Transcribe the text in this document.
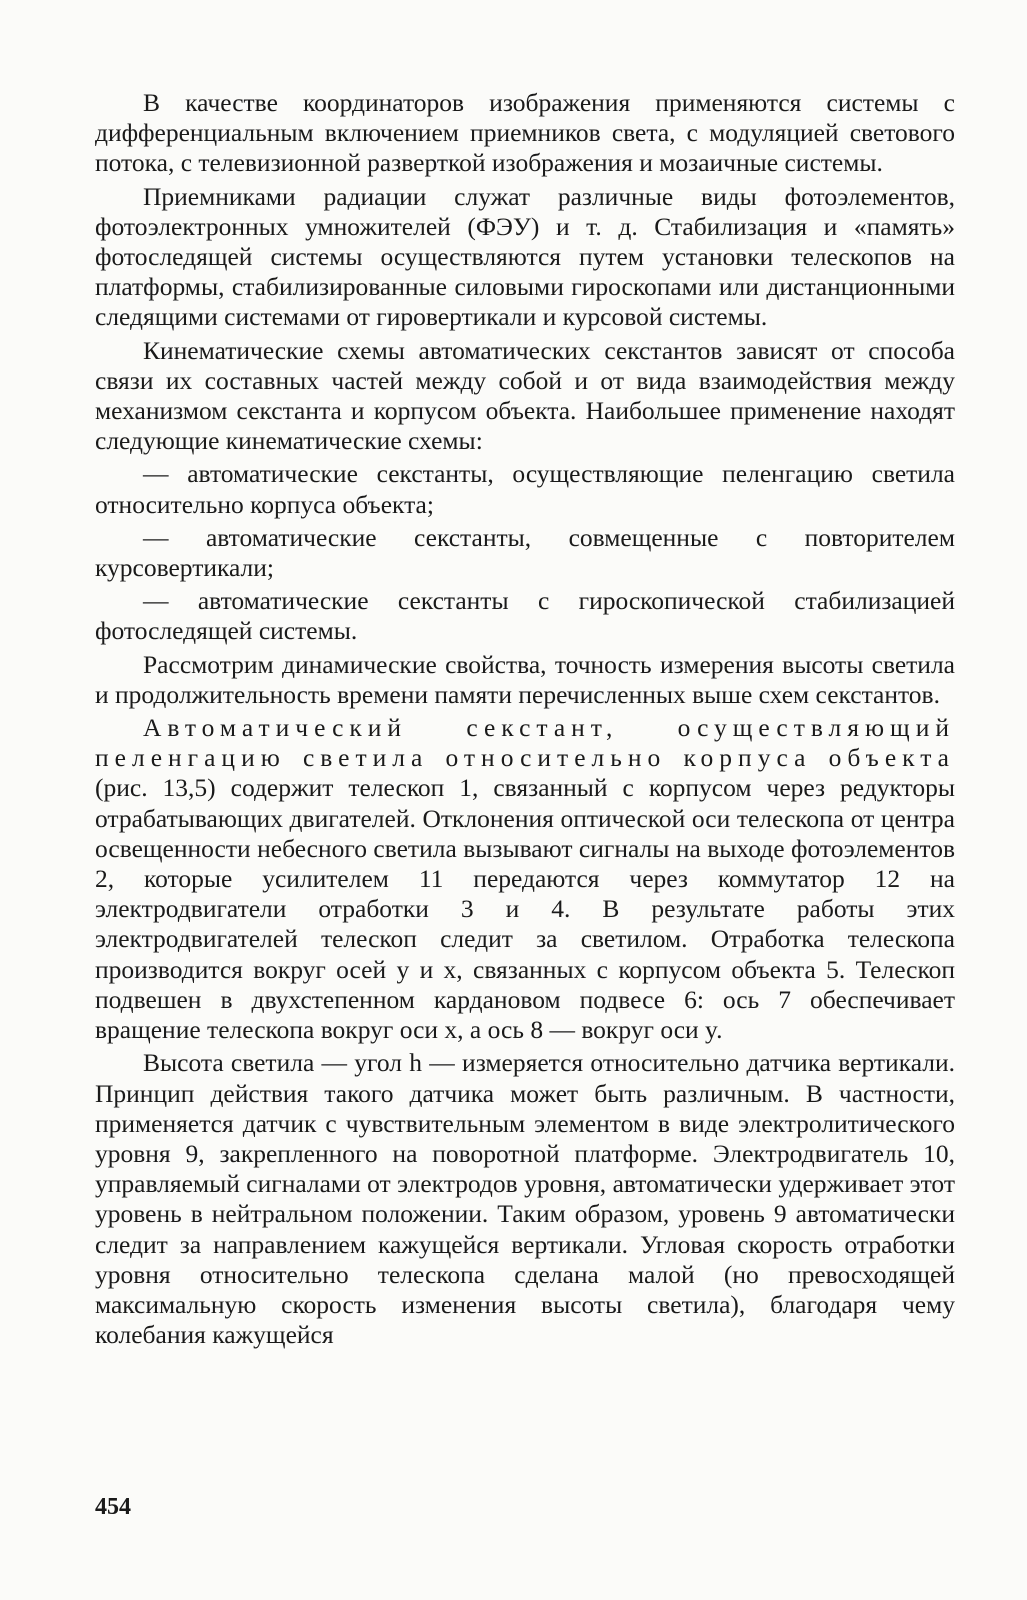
В качестве координаторов изображения применяются системы с дифференциальным включением приемников света, с модуляцией светового потока, с телевизионной разверткой изображения и мозаичные системы.

Приемниками радиации служат различные виды фотоэлементов, фотоэлектронных умножителей (ФЭУ) и т. д. Стабилизация и «память» фотоследящей системы осуществляются путем установки телескопов на платформы, стабилизированные силовыми гироскопами или дистанционными следящими системами от гировертикали и курсовой системы.

Кинематические схемы автоматических секстантов зависят от способа связи их составных частей между собой и от вида взаимодействия между механизмом секстанта и корпусом объекта. Наибольшее применение находят следующие кинематические схемы:

— автоматические секстанты, осуществляющие пеленгацию светила относительно корпуса объекта;

— автоматические секстанты, совмещенные с повторителем курсовертикали;

— автоматические секстанты с гироскопической стабилизацией фотоследящей системы.

Рассмотрим динамические свойства, точность измерения высоты светила и продолжительность времени памяти перечисленных выше схем секстантов.

Автоматический секстант, осуществляющий пеленгацию светила относительно корпуса объекта (рис. 13,5) содержит телескоп 1, связанный с корпусом через редукторы отрабатывающих двигателей. Отклонения оптической оси телескопа от центра освещенности небесного светила вызывают сигналы на выходе фотоэлементов 2, которые усилителем 11 передаются через коммутатор 12 на электродвигатели отработки 3 и 4. В результате работы этих электродвигателей телескоп следит за светилом. Отработка телескопа производится вокруг осей y и x, связанных с корпусом объекта 5. Телескоп подвешен в двухстепенном кардановом подвесе 6: ось 7 обеспечивает вращение телескопа вокруг оси x, а ось 8 — вокруг оси y.

Высота светила — угол h — измеряется относительно датчика вертикали. Принцип действия такого датчика может быть различным. В частности, применяется датчик с чувствительным элементом в виде электролитического уровня 9, закрепленного на поворотной платформе. Электродвигатель 10, управляемый сигналами от электродов уровня, автоматически удерживает этот уровень в нейтральном положении. Таким образом, уровень 9 автоматически следит за направлением кажущейся вертикали. Угловая скорость отработки уровня относительно телескопа сделана малой (но превосходящей максимальную скорость изменения высоты светила), благодаря чему колебания кажущейся

454
